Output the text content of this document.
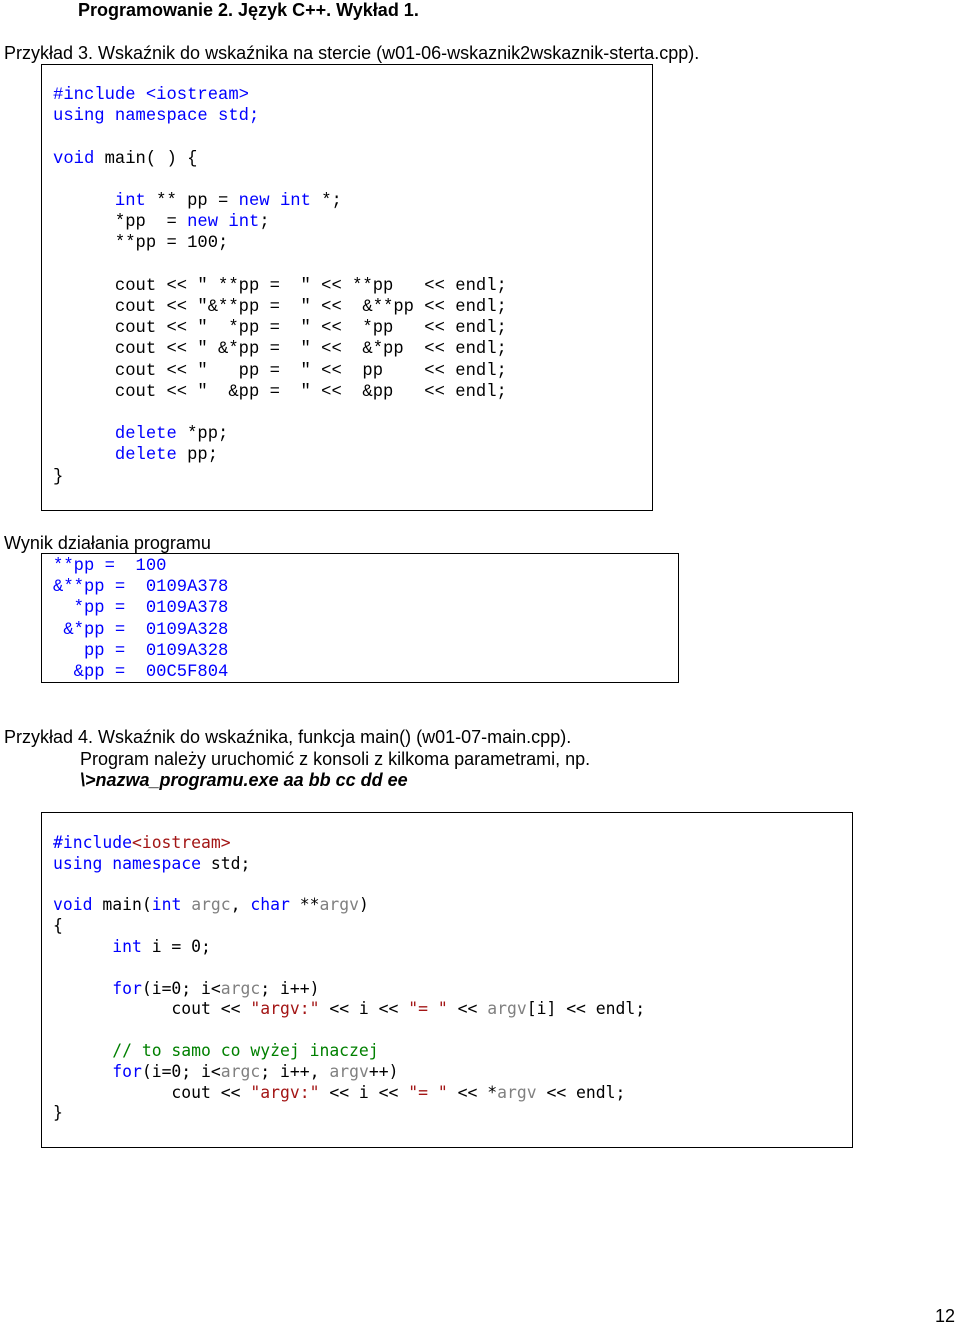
Programowanie 2. Język C++. Wykład 1.
Przykład 3. Wskaźnik do wskaźnika na stercie (w01-06-wskaznik2wskaznik-sterta.cpp).
#include <iostream>
using namespace std;

void main( ) {

int ** pp = new int *;
*pp  = new int;
**pp = 100;

cout << " **pp =  " << **pp   << endl;
cout << "&**pp =  " <<  &**pp << endl;
cout << "  *pp =  " <<  *pp   << endl;
cout << " &*pp =  " <<  &*pp  << endl;
cout << "   pp =  " <<  pp    << endl;
cout << "  &pp =  " <<  &pp   << endl;

delete *pp;
delete pp;
}
Wynik działania programu
**pp =  100
&**pp =  0109A378
*pp =  0109A378
&*pp =  0109A328
pp =  0109A328
&pp =  00C5F804
Przykład 4. Wskaźnik do wskaźnika, funkcja main() (w01-07-main.cpp).
Program należy uruchomić z konsoli z kilkoma parametrami, np.
\>nazwa_programu.exe aa bb cc dd ee
#include<iostream>
using namespace std;

void main(int argc, char **argv)
{
int i = 0;

for(i=0; i<argc; i++)
cout << "argv:" << i << "= " << argv[i] << endl;

// to samo co wyżej inaczej
for(i=0; i<argc; i++, argv++)
cout << "argv:" << i << "= " << *argv << endl;
}
12
